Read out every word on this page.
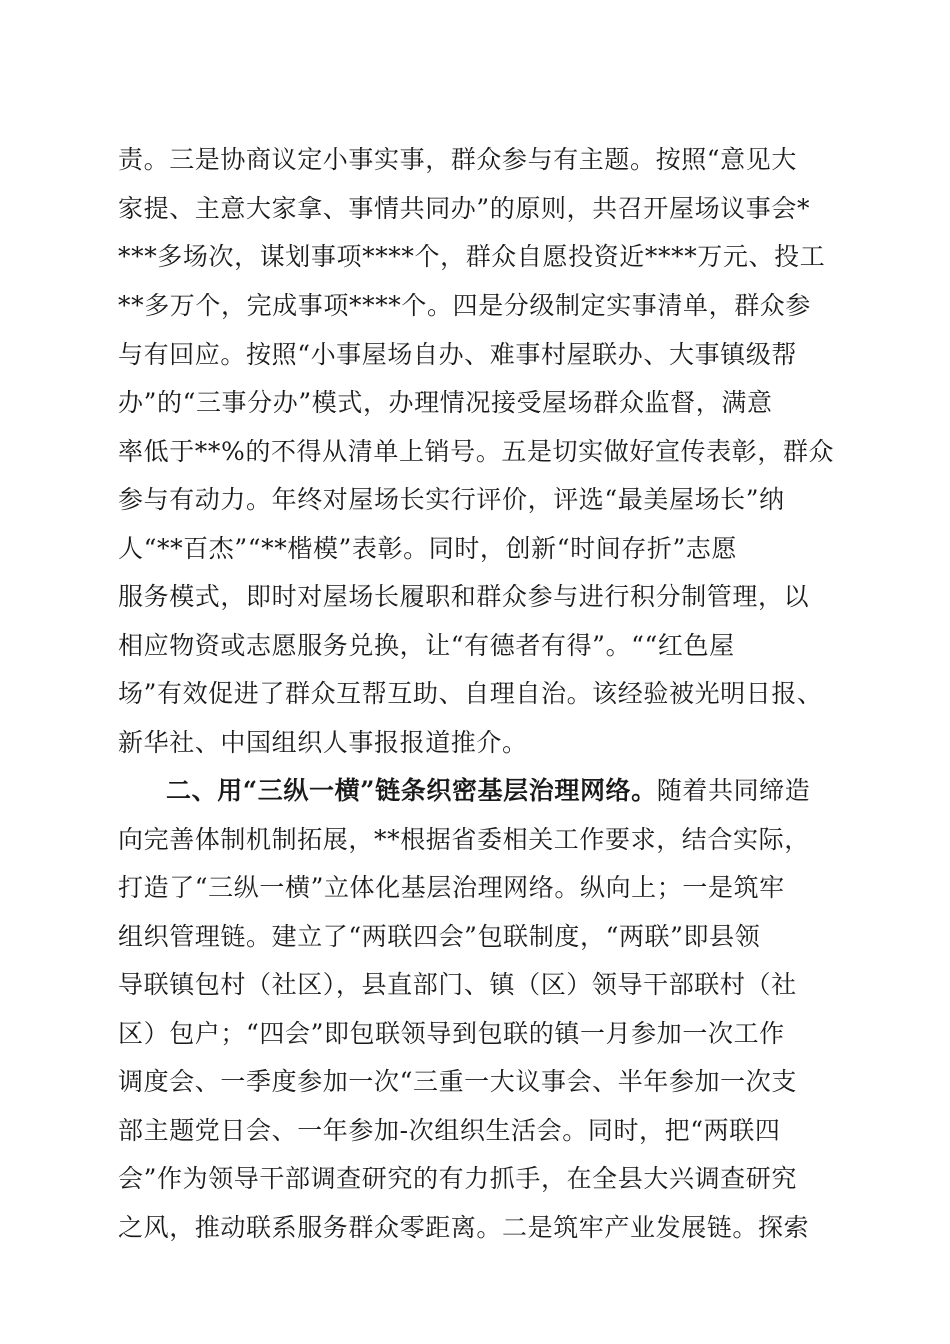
责。三是协商议定小事实事，群众参与有主题。按照“意见大
家提、主意大家拿、事情共同办”的原则，共召开屋场议事会*
***多场次，谋划事项****个，群众自愿投资近****万元、投工
**多万个，完成事项****个。四是分级制定实事清单，群众参
与有回应。按照“小事屋场自办、难事村屋联办、大事镇级帮
办”的“三事分办”模式，办理情况接受屋场群众监督，满意
率低于**%的不得从清单上销号。五是切实做好宣传表彰，群众
参与有动力。年终对屋场长实行评价，评选“最美屋场长”纳
人“**百杰”“**楷模”表彰。同时，创新“时间存折”志愿
服务模式，即时对屋场长履职和群众参与进行积分制管理，以
相应物资或志愿服务兑换，让“有德者有得”。““红色屋
场”有效促进了群众互帮互助、自理自治。该经验被光明日报、
新华社、中国组织人事报报道推介。
二、用“三纵一横”链条织密基层治理网络。随着共同缔造
向完善体制机制拓展，**根据省委相关工作要求，结合实际，
打造了“三纵一横”立体化基层治理网络。纵向上；一是筑牢
组织管理链。建立了“两联四会”包联制度，“两联”即县领
导联镇包村（社区），县直部门、镇（区）领导干部联村（社
区）包户；“四会”即包联领导到包联的镇一月参加一次工作
调度会、一季度参加一次“三重一大议事会、半年参加一次支
部主题党日会、一年参加-次组织生活会。同时，把“两联四
会”作为领导干部调查研究的有力抓手，在全县大兴调查研究
之风，推动联系服务群众零距离。二是筑牢产业发展链。探索
